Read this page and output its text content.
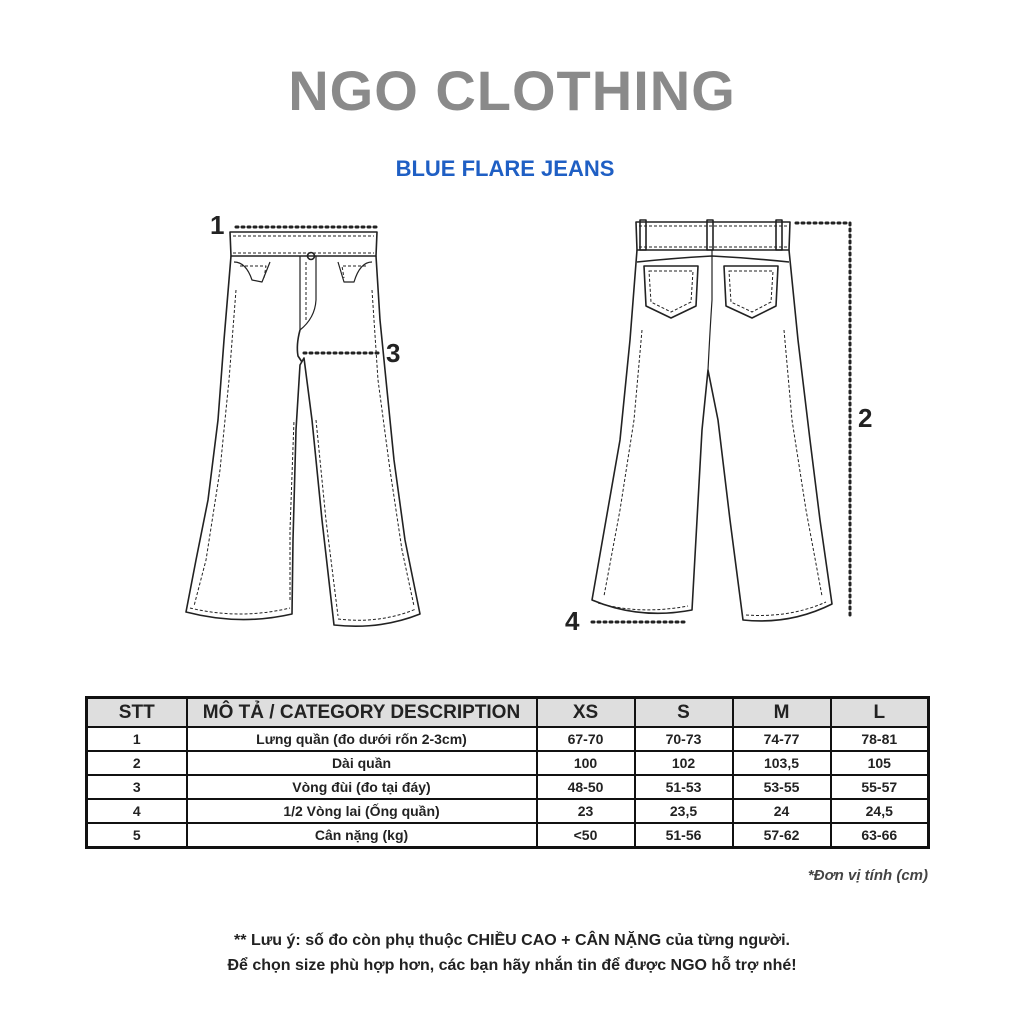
NGO CLOTHING
BLUE FLARE JEANS
1
3
2
4
STT	MÔ TẢ / CATEGORY DESCRIPTION	XS	S	M	L
1	Lưng quần (đo dưới rốn 2-3cm)	67-70	70-73	74-77	78-81
2	Dài quần	100	102	103,5	105
3	Vòng đùi (đo tại đáy)	48-50	51-53	53-55	55-57
4	1/2 Vòng lai (Ống quần)	23	23,5	24	24,5
5	Cân nặng (kg)	<50	51-56	57-62	63-66
*Đơn vị tính (cm)
** Lưu ý: số đo còn phụ thuộc CHIỀU CAO + CÂN NẶNG của từng người.
Để chọn size phù hợp hơn, các bạn hãy nhắn tin để được NGO hỗ trợ nhé!
